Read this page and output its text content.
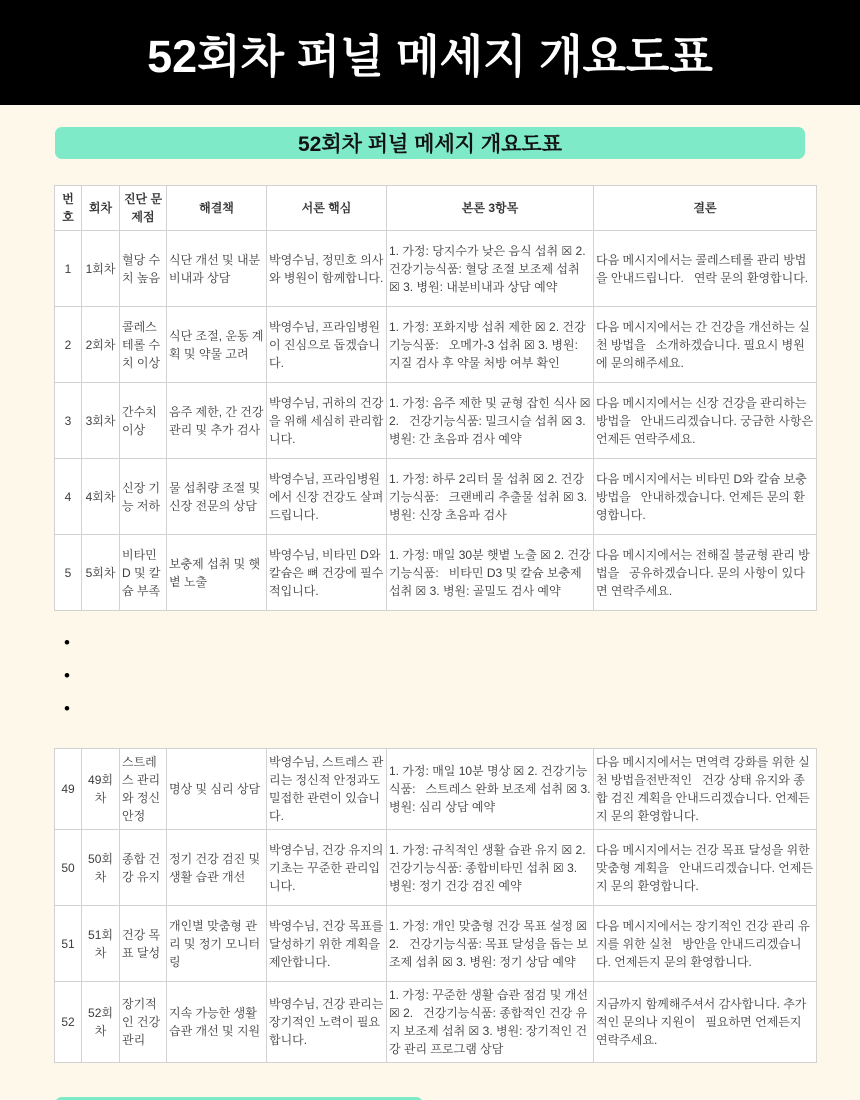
52회차 퍼널 메세지 개요도표
52회차 퍼널 메세지 개요도표
번호	회차	진단 문제점	해결책	서론 핵심	본론 3항목	결론
1	1회차	혈당 수치 높음	식단 개선 및 내분비내과 상담	박영수님, 정민호 의사와 병원이 함께합니다.	1. 가정: 당지수가 낮은 음식 섭취 ☒ 2.   건강기능식품: 혈당 조절 보조제 섭취 ☒ 3. 병원: 내분비내과 상담 예약	다음 메시지에서는 콜레스테롤 관리 방법을 안내드립니다.   연락 문의 환영합니다.
2	2회차	콜레스테롤 수치 이상	식단 조절, 운동 계획 및 약물 고려	박영수님, 프라임병원이 진심으로 돕겠습니다.	1. 가정: 포화지방 섭취 제한 ☒ 2. 건강기능식품:   오메가-3 섭취 ☒ 3. 병원: 지질 검사 후 약물 처방 여부 확인	다음 메시지에서는 간 건강을 개선하는 실천 방법을   소개하겠습니다. 필요시 병원에 문의해주세요.
3	3회차	간수치 이상	음주 제한, 간 건강 관리 및 추가 검사	박영수님, 귀하의 건강을 위해 세심히 관리합니다.	1. 가정: 음주 제한 및 균형 잡힌 식사 ☒ 2.   건강기능식품: 밀크시슬 섭취 ☒ 3. 병원: 간 초음파 검사 예약	다음 메시지에서는 신장 건강을 관리하는 방법을   안내드리겠습니다. 궁금한 사항은 언제든 연락주세요.
4	4회차	신장 기능 저하	물 섭취량 조절 및 신장 전문의 상담	박영수님, 프라임병원에서 신장 건강도 살펴드립니다.	1. 가정: 하루 2리터 물 섭취 ☒ 2. 건강기능식품:   크랜베리 추출물 섭취 ☒ 3. 병원: 신장 초음파 검사	다음 메시지에서는 비타민 D와 칼슘 보충 방법을   안내하겠습니다. 언제든 문의 환영합니다.
5	5회차	비타민 D 및 칼슘 부족	보충제 섭취 및 햇볕 노출	박영수님, 비타민 D와 칼슘은 뼈 건강에 필수적입니다.	1. 가정: 매일 30분 햇볕 노출 ☒ 2. 건강기능식품:   비타민 D3 및 칼슘 보충제 섭취 ☒ 3. 병원: 골밀도 검사 예약	다음 메시지에서는 전해질 불균형 관리 방법을   공유하겠습니다. 문의 사항이 있다면 연락주세요.
•
•
•
49	49회차	스트레스 관리와 정신 안정	명상 및 심리 상담	박영수님, 스트레스 관리는 정신적 안정과도 밀접한 관련이 있습니다.	1. 가정: 매일 10분 명상 ☒ 2. 건강기능식품:   스트레스 완화 보조제 섭취 ☒ 3. 병원: 심리 상담 예약	다음 메시지에서는 면역력 강화를 위한 실천 방법을전반적인   건강 상태 유지와 종합 검진 계획을 안내드리겠습니다. 언제든지 문의 환영합니다.
50	50회차	종합 건강 유지	정기 건강 검진 및 생활 습관 개선	박영수님, 건강 유지의 기초는 꾸준한 관리입니다.	1. 가정: 규칙적인 생활 습관 유지 ☒ 2.   건강기능식품: 종합비타민 섭취 ☒ 3. 병원: 정기 건강 검진 예약	다음 메시지에서는 건강 목표 달성을 위한 맞춤형 계획을   안내드리겠습니다. 언제든지 문의 환영합니다.
51	51회차	건강 목표 달성	개인별 맞춤형 관리 및 정기 모니터링	박영수님, 건강 목표를 달성하기 위한 계획을 제안합니다.	1. 가정: 개인 맞춤형 건강 목표 설정 ☒ 2.   건강기능식품: 목표 달성을 돕는 보조제 섭취 ☒ 3. 병원: 정기 상담 예약	다음 메시지에서는 장기적인 건강 관리 유지를 위한 실천   방안을 안내드리겠습니다. 언제든지 문의 환영합니다.
52	52회차	장기적인 건강 관리	지속 가능한 생활 습관 개선 및 지원	박영수님, 건강 관리는 장기적인 노력이 필요합니다.	1. 가정: 꾸준한 생활 습관 점검 및 개선 ☒ 2.   건강기능식품: 종합적인 건강 유지 보조제 섭취 ☒ 3. 병원: 장기적인 건강 관리 프로그램 상담	지금까지 함께해주셔서 감사합니다. 추가적인 문의나 지원이   필요하면 언제든지 연락주세요.
